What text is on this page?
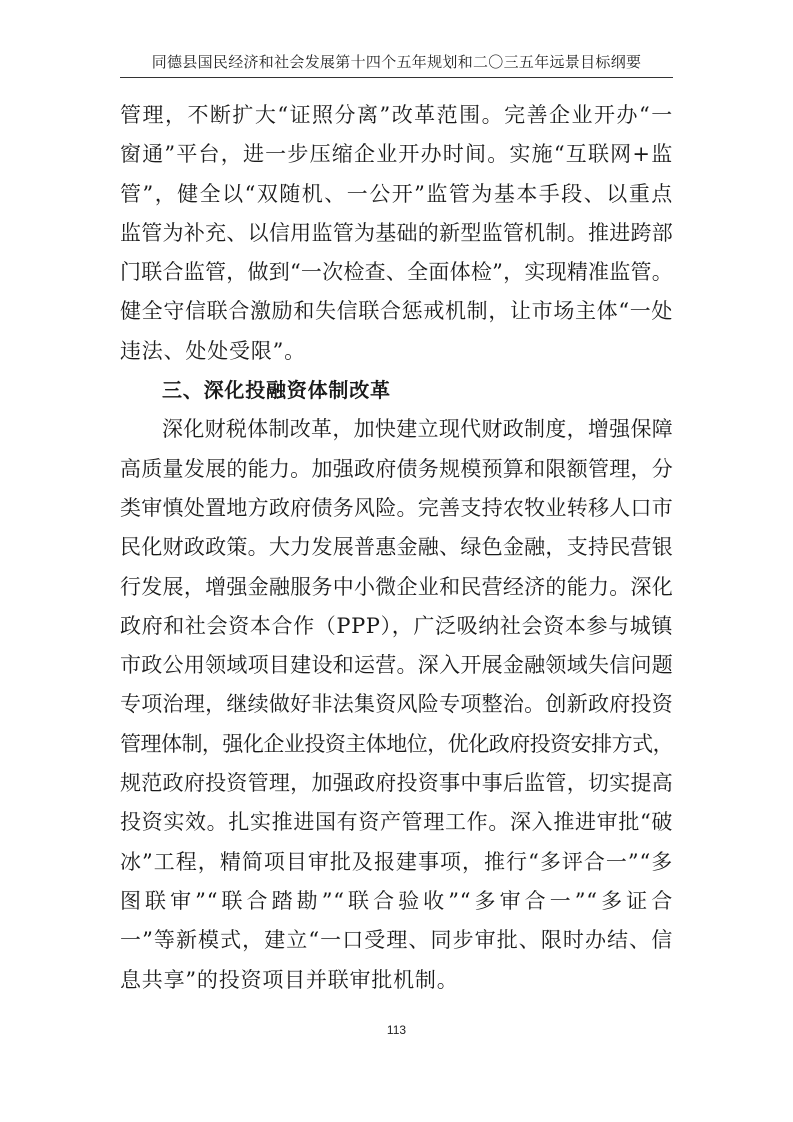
同德县国民经济和社会发展第十四个五年规划和二〇三五年远景目标纲要
管理，不断扩大“证照分离”改革范围。完善企业开办“一
窗通”平台，进一步压缩企业开办时间。实施“互联网+监
管”，健全以“双随机、一公开”监管为基本手段、以重点
监管为补充、以信用监管为基础的新型监管机制。推进跨部
门联合监管，做到“一次检查、全面体检”，实现精准监管。
健全守信联合激励和失信联合惩戒机制，让市场主体“一处
违法、处处受限”。
三、深化投融资体制改革
深化财税体制改革，加快建立现代财政制度，增强保障
高质量发展的能力。加强政府债务规模预算和限额管理，分
类审慎处置地方政府债务风险。完善支持农牧业转移人口市
民化财政政策。大力发展普惠金融、绿色金融，支持民营银
行发展，增强金融服务中小微企业和民营经济的能力。深化
政府和社会资本合作（PPP），广泛吸纳社会资本参与城镇
市政公用领域项目建设和运营。深入开展金融领域失信问题
专项治理，继续做好非法集资风险专项整治。创新政府投资
管理体制，强化企业投资主体地位，优化政府投资安排方式，
规范政府投资管理，加强政府投资事中事后监管，切实提高
投资实效。扎实推进国有资产管理工作。深入推进审批“破
冰”工程，精简项目审批及报建事项，推行“多评合一”“多
图联审”“联合踏勘”“联合验收”“多审合一”“多证合
一”等新模式，建立“一口受理、同步审批、限时办结、信
息共享”的投资项目并联审批机制。
113
